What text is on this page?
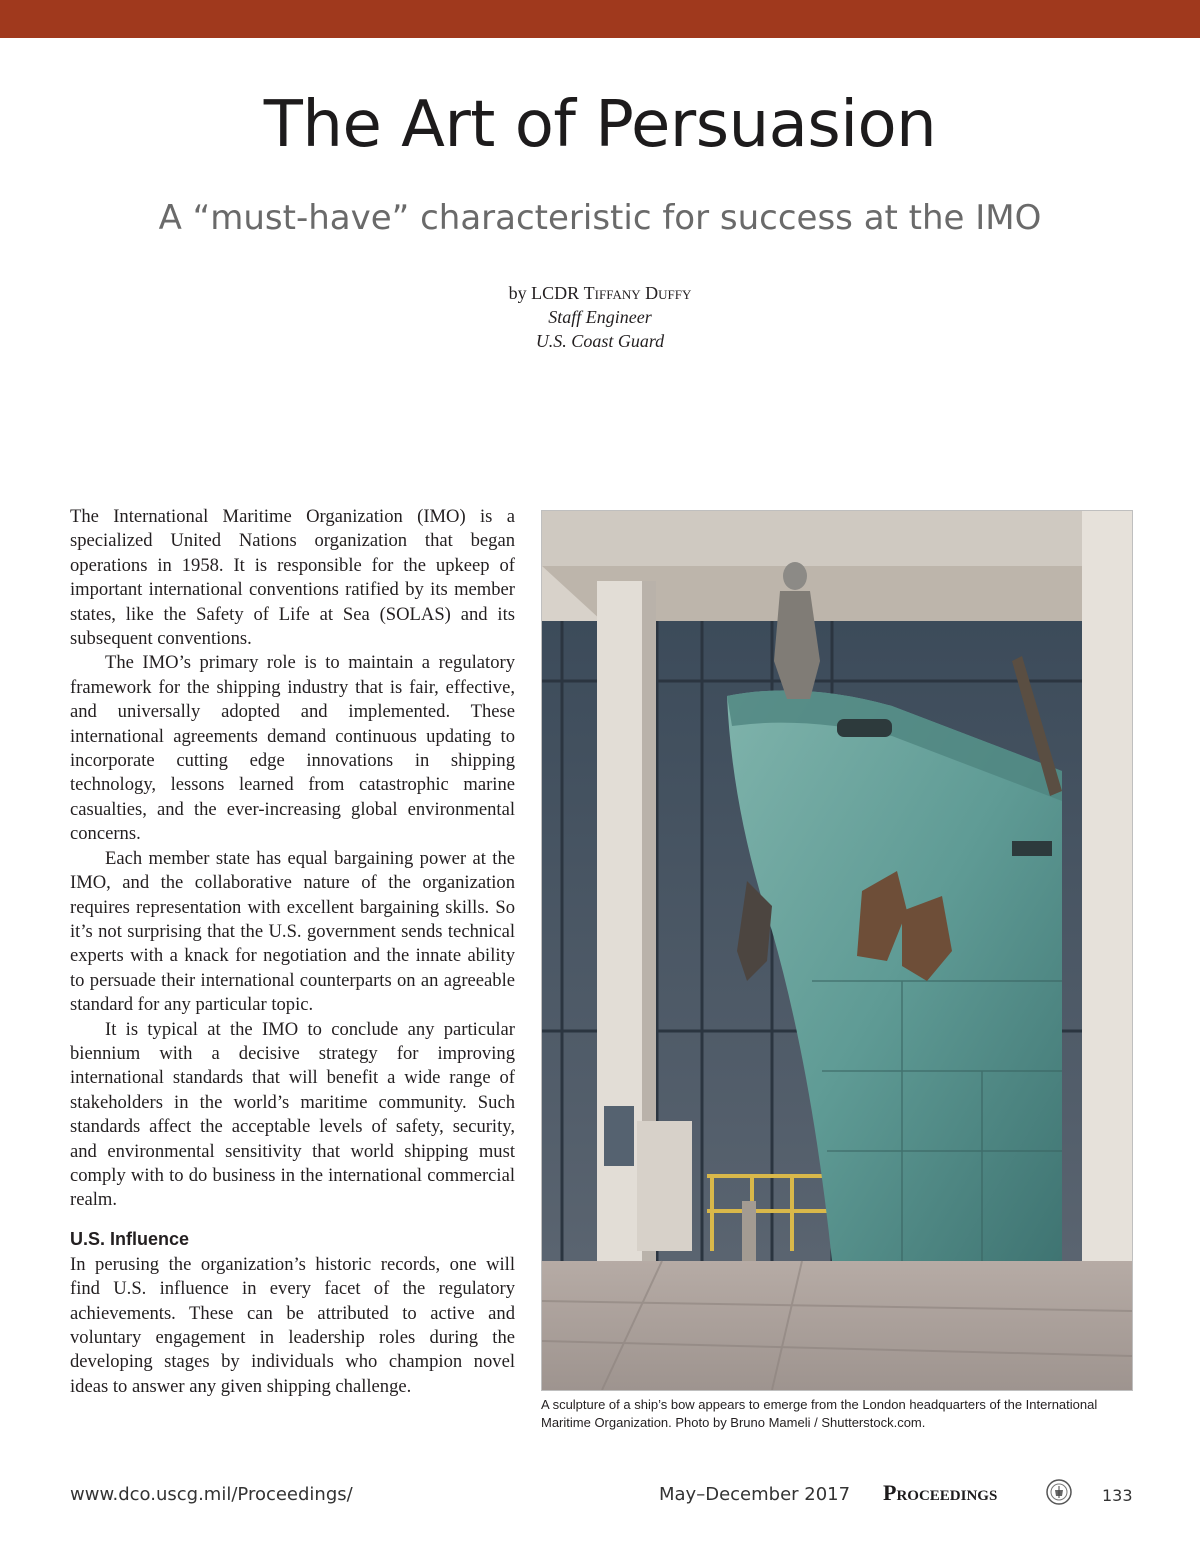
The Art of Persuasion
A “must-have” characteristic for success at the IMO
by LCDR Tiffany Duffy
Staff Engineer
U.S. Coast Guard

The International Maritime Organization (IMO) is a specialized United Nations organization that began operations in 1958. It is responsible for the upkeep of important international conventions ratified by its member states, like the Safety of Life at Sea (SOLAS) and its subsequent conventions.

The IMO’s primary role is to maintain a regulatory framework for the shipping industry that is fair, effective, and universally adopted and implemented. These international agreements demand continuous updating to incorporate cutting edge innovations in shipping technology, lessons learned from catastrophic marine casualties, and the ever-increasing global environmental concerns.

Each member state has equal bargaining power at the IMO, and the collaborative nature of the organization requires representation with excellent bargaining skills. So it’s not surprising that the U.S. government sends technical experts with a knack for negotiation and the innate ability to persuade their international counterparts on an agreeable standard for any particular topic.

It is typical at the IMO to conclude any particular biennium with a decisive strategy for improving international standards that will benefit a wide range of stakeholders in the world’s maritime community. Such standards affect the acceptable levels of safety, security, and environmental sensitivity that world shipping must comply with to do business in the international commercial realm.

U.S. Influence

In perusing the organization’s historic records, one will find U.S. influence in every facet of the regulatory achievements. These can be attributed to active and voluntary engagement in leadership roles during the developing stages by individuals who champion novel ideas to answer any given shipping challenge.

A sculpture of a ship’s bow appears to emerge from the London headquarters of the International Maritime Organization. Photo by Bruno Mameli / Shutterstock.com.
www.dco.uscg.mil/Proceedings/	May–December 2017 Proceedings	133
